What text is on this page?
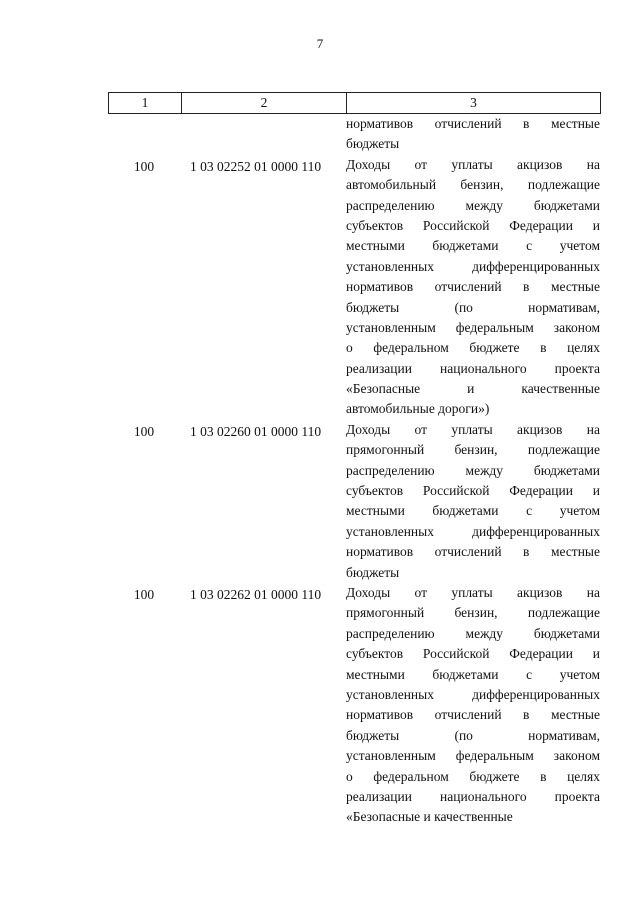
7
1	2	3
нормативов отчислений в местные
бюджеты
100	1 03 02252 01 0000 110	Доходы от уплаты акцизов на
автомобильный бензин, подлежащие
распределению между бюджетами
субъектов Российской Федерации и
местными бюджетами с учетом
установленных дифференцированных
нормативов отчислений в местные
бюджеты (по нормативам,
установленным федеральным законом
о федеральном бюджете в целях
реализации национального проекта
«Безопасные и качественные
автомобильные дороги»)
100	1 03 02260 01 0000 110	Доходы от уплаты акцизов на
прямогонный бензин, подлежащие
распределению между бюджетами
субъектов Российской Федерации и
местными бюджетами с учетом
установленных дифференцированных
нормативов отчислений в местные
бюджеты
100	1 03 02262 01 0000 110	Доходы от уплаты акцизов на
прямогонный бензин, подлежащие
распределению между бюджетами
субъектов Российской Федерации и
местными бюджетами с учетом
установленных дифференцированных
нормативов отчислений в местные
бюджеты (по нормативам,
установленным федеральным законом
о федеральном бюджете в целях
реализации национального проекта
«Безопасные и качественные
